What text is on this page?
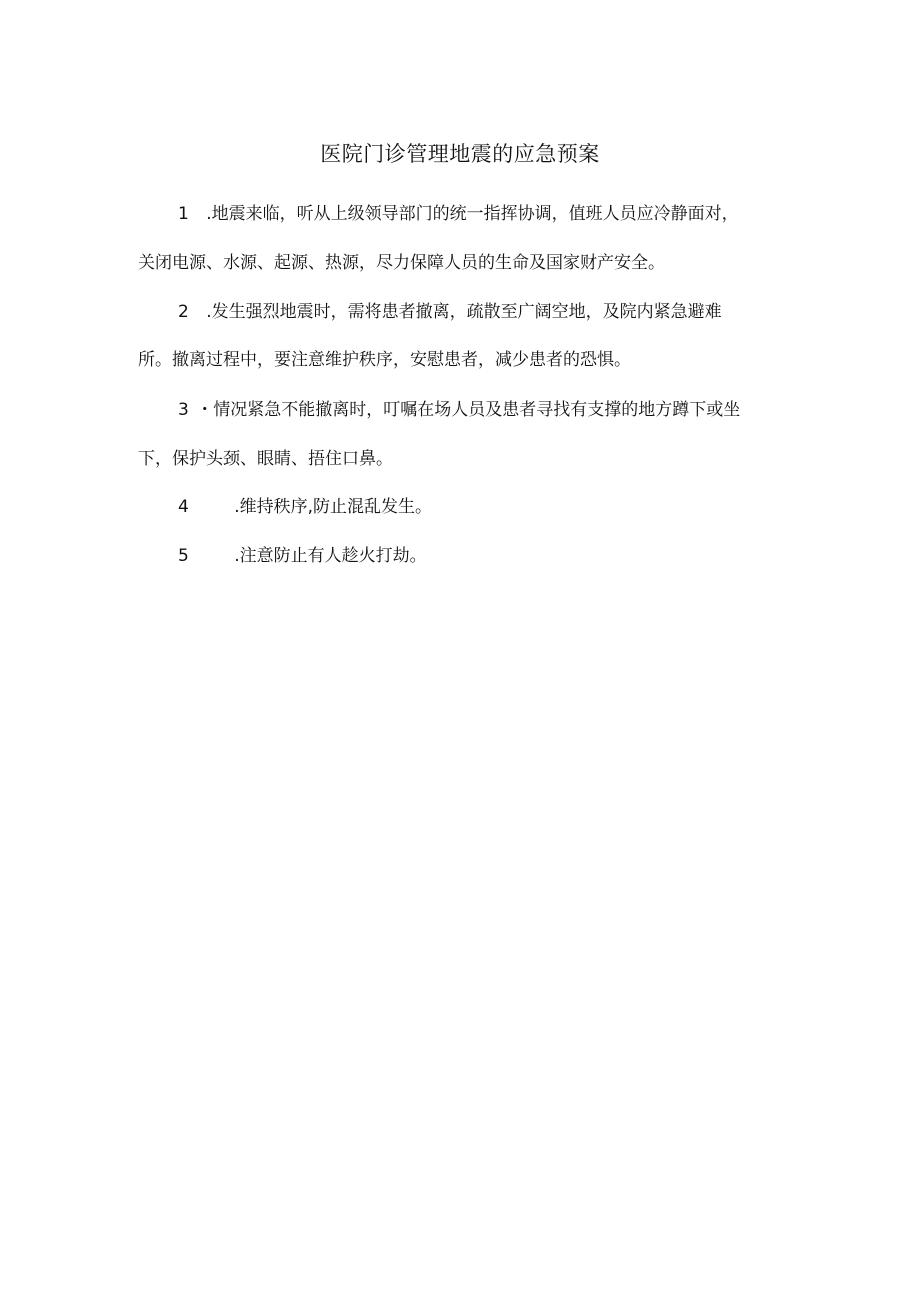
医院门诊管理地震的应急预案
1 .地震来临，听从上级领导部门的统一指挥协调，值班人员应冷静面对，
关闭电源、水源、起源、热源，尽力保障人员的生命及国家财产安全。
2 .发生强烈地震时，需将患者撤离，疏散至广阔空地，及院内紧急避难
所。撤离过程中，要注意维护秩序，安慰患者，减少患者的恐惧。
3 ・情况紧急不能撤离时，叮嘱在场人员及患者寻找有支撑的地方蹲下或坐
下，保护头颈、眼睛、捂住口鼻。
4	.维持秩序,防止混乱发生。
5	.注意防止有人趁火打劫。
